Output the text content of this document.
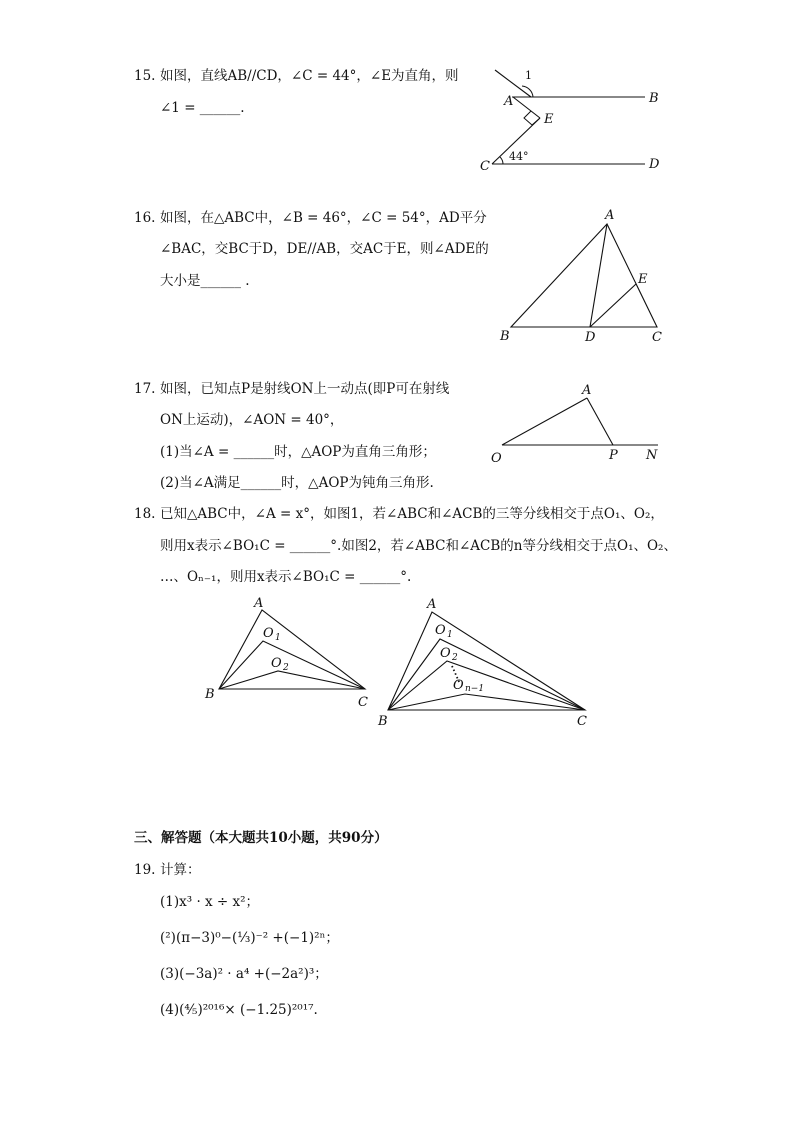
15. 如图，直线AB//CD，∠C = 44°，∠E为直角，则
∠1 = ______.
1
A	B
E
C	D
44°
16. 如图，在△ABC中，∠B = 46°，∠C = 54°，AD平分
∠BAC，交BC于D，DE//AB，交AC于E，则∠ADE的
大小是______ .
A
B	C
D
E
17. 如图，已知点P是射线ON上一动点(即P可在射线
ON上运动)，∠AON = 40°，
(1)当∠A = ______时，△AOP为直角三角形；
(2)当∠A满足______时，△AOP为钝角三角形.
A
O	P N
18. 已知△ABC中，∠A = x°，如图1，若∠ABC和∠ACB的三等分线相交于点O₁、O₂，
则用x表示∠BO₁C = ______°.如图2，若∠ABC和∠ACB的n等分线相交于点O₁、O₂、
…、Oₙ₋₁，则用x表示∠BO₁C = ______°.
A
B
C
O 1
O 2
A
B	C
O 1
O 2
O n−1
三、解答题（本大题共10小题，共90分）
19. 计算：
(1)x³ · x ÷ x²；
(²)(π−3)⁰−(⅓)⁻² +(−1)²ⁿ；
(3)(−3a)² · a⁴ +(−2a²)³；
(4)(⁴⁄₅)²⁰¹⁶× (−1.25)²⁰¹⁷.
